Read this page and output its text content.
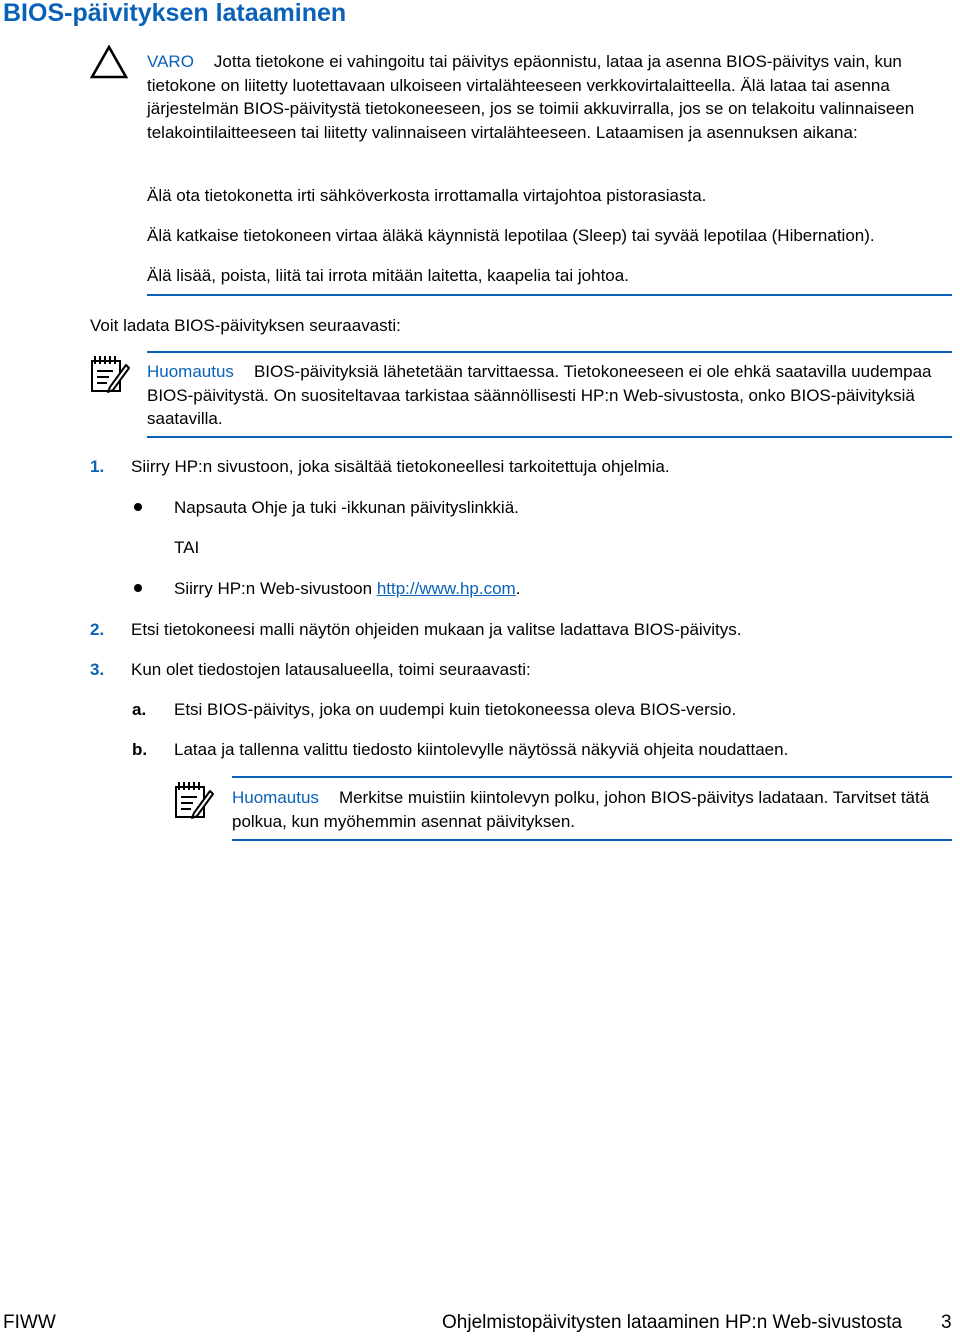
BIOS-päivityksen lataaminen
VARO Jotta tietokone ei vahingoitu tai päivitys epäonnistu, lataa ja asenna BIOS-päivitys vain, kun tietokone on liitetty luotettavaan ulkoiseen virtalähteeseen verkkovirtalaitteella. Älä lataa tai asenna järjestelmän BIOS-päivitystä tietokoneeseen, jos se toimii akkuvirralla, jos se on telakoitu valinnaiseen telakointilaitteeseen tai liitetty valinnaiseen virtalähteeseen. Lataamisen ja asennuksen aikana:
Älä ota tietokonetta irti sähköverkosta irrottamalla virtajohtoa pistorasiasta.
Älä katkaise tietokoneen virtaa äläkä käynnistä lepotilaa (Sleep) tai syvää lepotilaa (Hibernation).
Älä lisää, poista, liitä tai irrota mitään laitetta, kaapelia tai johtoa.
Voit ladata BIOS-päivityksen seuraavasti:
Huomautus BIOS-päivityksiä lähetetään tarvittaessa. Tietokoneeseen ei ole ehkä saatavilla uudempaa BIOS-päivitystä. On suositeltavaa tarkistaa säännöllisesti HP:n Web-sivustosta, onko BIOS-päivityksiä saatavilla.
1. Siirry HP:n sivustoon, joka sisältää tietokoneellesi tarkoitettuja ohjelmia.
Napsauta Ohje ja tuki -ikkunan päivityslinkkiä.
TAI
Siirry HP:n Web-sivustoon http://www.hp.com.
2. Etsi tietokoneesi malli näytön ohjeiden mukaan ja valitse ladattava BIOS-päivitys.
3. Kun olet tiedostojen latausalueella, toimi seuraavasti:
a. Etsi BIOS-päivitys, joka on uudempi kuin tietokoneessa oleva BIOS-versio.
b. Lataa ja tallenna valittu tiedosto kiintolevylle näytössä näkyviä ohjeita noudattaen.
Huomautus Merkitse muistiin kiintolevyn polku, johon BIOS-päivitys ladataan. Tarvitset tätä polkua, kun myöhemmin asennat päivityksen.
FIWW	Ohjelmistopäivitysten lataaminen HP:n Web-sivustosta 3
